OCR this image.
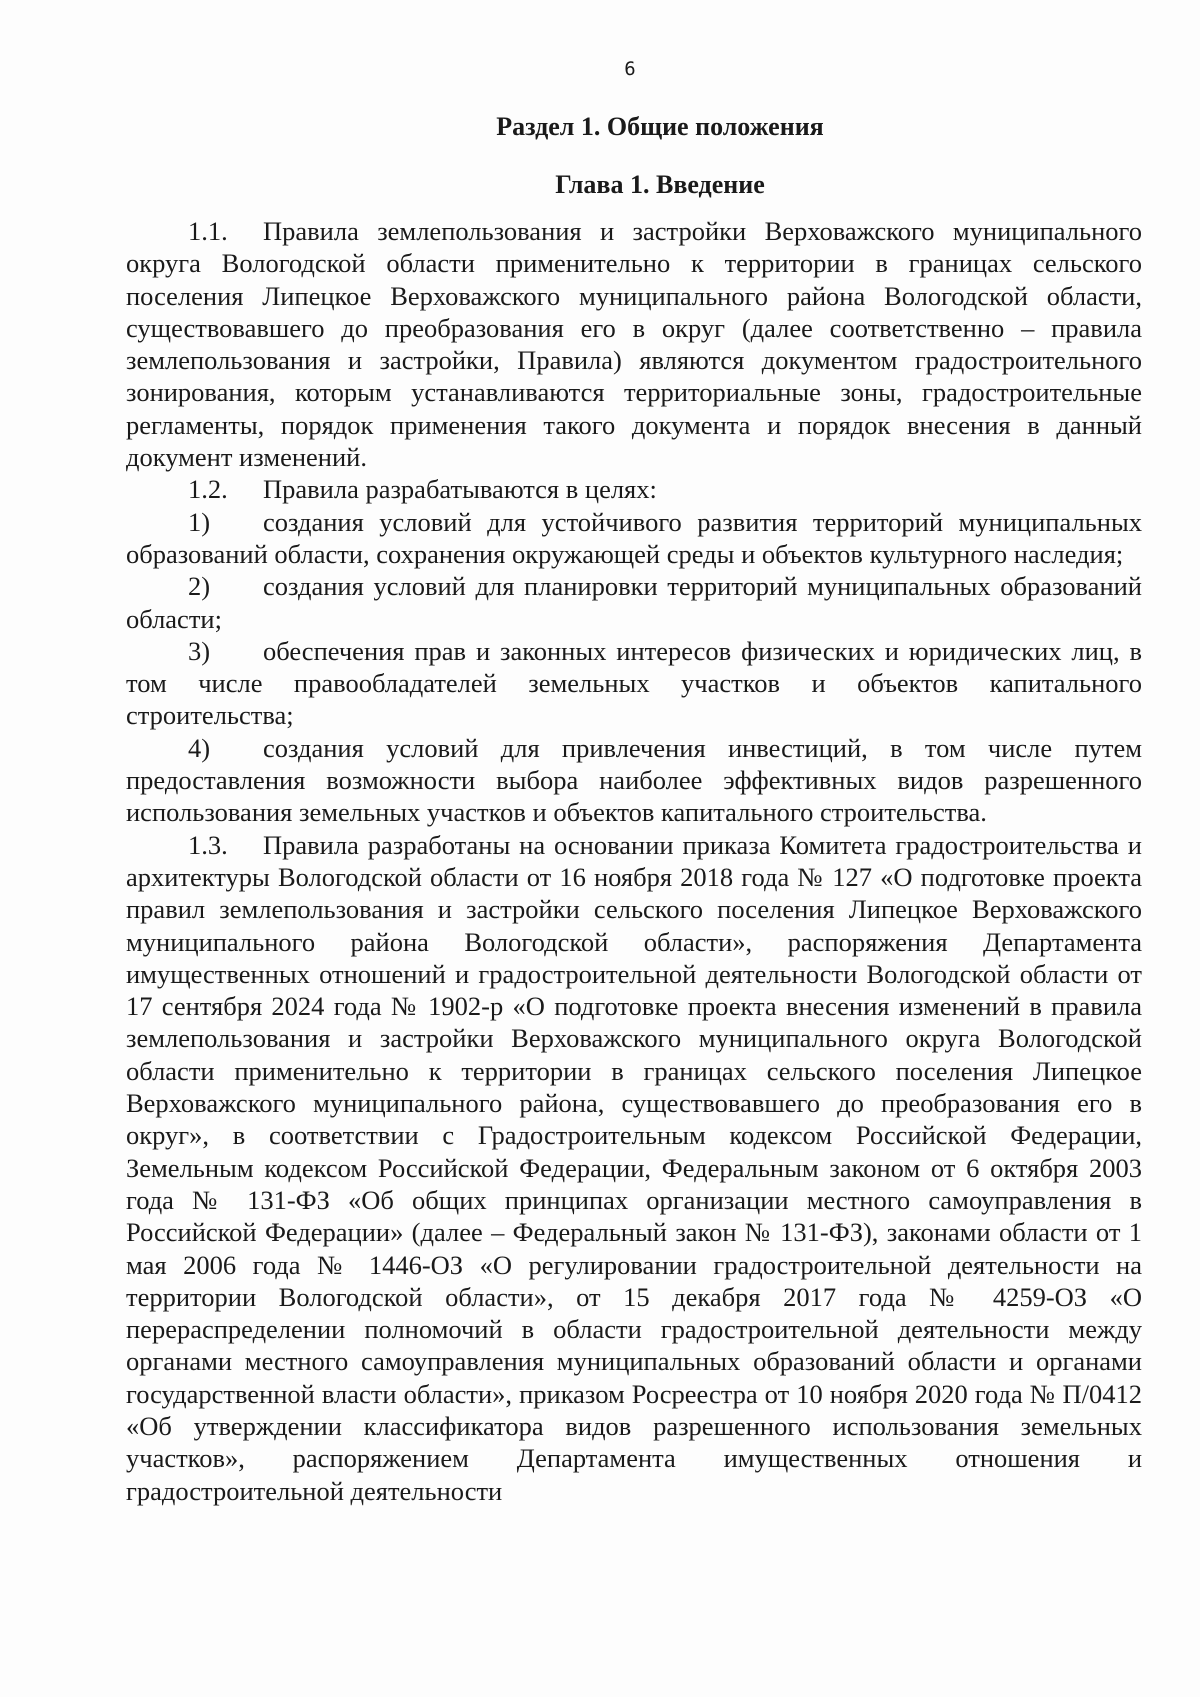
6
Раздел 1. Общие положения
Глава 1. Введение

1.1. Правила землепользования и застройки Верховажского муниципального округа Вологодской области применительно к территории в границах сельского поселения Липецкое Верховажского муниципального района Вологодской области, существовавшего до преобразования его в округ (далее соответственно – правила землепользования и застройки, Правила) являются документом градостроительного зонирования, которым устанавливаются территориальные зоны, градостроительные регламенты, порядок применения такого документа и порядок внесения в данный документ изменений.

1.2. Правила разрабатываются в целях:

1) создания условий для устойчивого развития территорий муниципальных образований области, сохранения окружающей среды и объектов культурного наследия;

2) создания условий для планировки территорий муниципальных образований области;

3) обеспечения прав и законных интересов физических и юридических лиц, в том числе правообладателей земельных участков и объектов капитального строительства;

4) создания условий для привлечения инвестиций, в том числе путем предоставления возможности выбора наиболее эффективных видов разрешенного использования земельных участков и объектов капитального строительства.

1.3. Правила разработаны на основании приказа Комитета градостроительства и архитектуры Вологодской области от 16 ноября 2018 года № 127 «О подготовке проекта правил землепользования и застройки сельского поселения Липецкое Верховажского муниципального района Вологодской области», распоряжения Департамента имущественных отношений и градостроительной деятельности Вологодской области от 17 сентября 2024 года № 1902-р «О подготовке проекта внесения изменений в правила землепользования и застройки Верховажского муниципального округа Вологодской области применительно к территории в границах сельского поселения Липецкое Верховажского муниципального района, существовавшего до преобразования его в округ», в соответствии с Градостроительным кодексом Российской Федерации, Земельным кодексом Российской Федерации, Федеральным законом от 6 октября 2003 года № 131-ФЗ «Об общих принципах организации местного самоуправления в Российской Федерации» (далее – Федеральный закон № 131-ФЗ), законами области от 1 мая 2006 года № 1446-ОЗ «О регулировании градостроительной деятельности на территории Вологодской области», от 15 декабря 2017 года № 4259-ОЗ «О перераспределении полномочий в области градостроительной деятельности между органами местного самоуправления муниципальных образований области и органами государственной власти области», приказом Росреестра от 10 ноября 2020 года № П/0412 «Об утверждении классификатора видов разрешенного использования земельных участков», распоряжением Департамента имущественных отношения и градостроительной деятельности
